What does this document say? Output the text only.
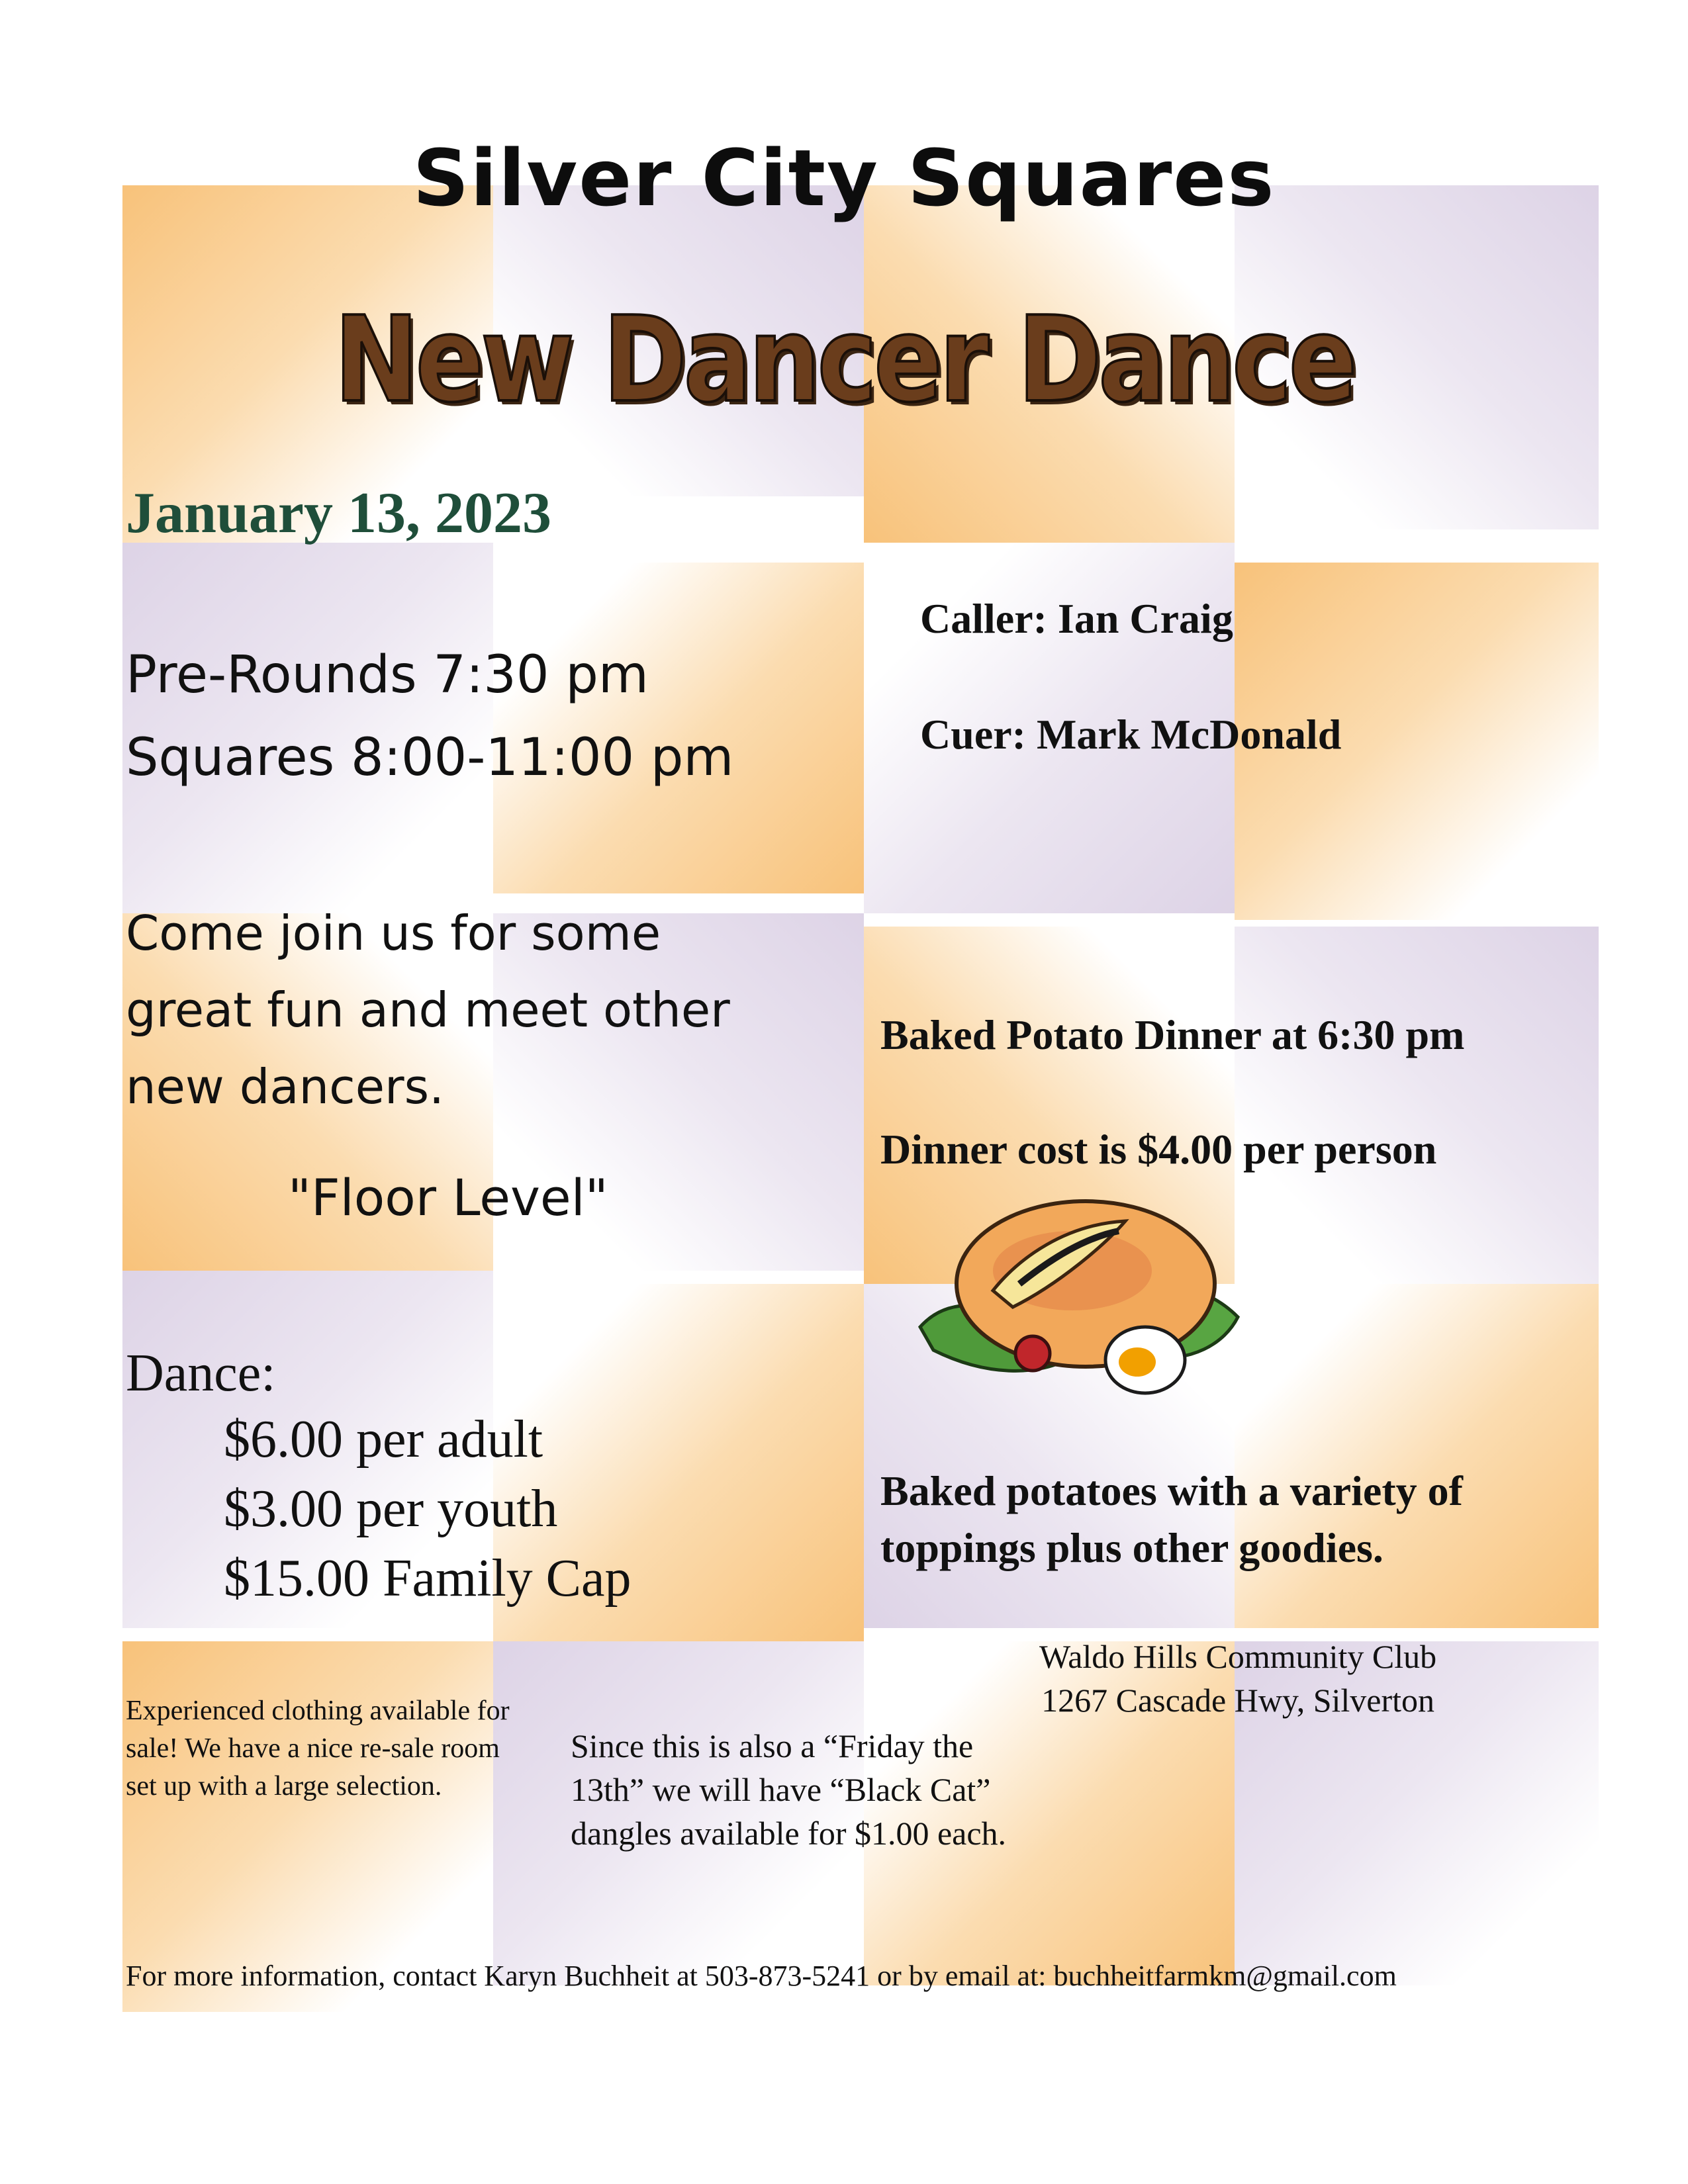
Silver City Squares
New Dancer Dance
January 13, 2023
Pre-Rounds 7:30 pm
Squares 8:00-11:00 pm
Caller: Ian Craig
Cuer: Mark McDonald
Come join us for some great fun and meet other new dancers.
"Floor Level"
Baked Potato Dinner at 6:30 pm
Dinner cost is $4.00 per person
Baked potatoes with a variety of toppings plus other goodies.
Dance:
$6.00 per adult
$3.00 per youth
$15.00 Family Cap
Waldo Hills Community Club
1267 Cascade Hwy, Silverton
Experienced clothing available for sale! We have a nice re-sale room set up with a large selection.
Since this is also a “Friday the 13th” we will have “Black Cat” dangles available for $1.00 each.
For more information, contact Karyn Buchheit at 503-873-5241 or by email at: buchheitfarmkm@gmail.com
